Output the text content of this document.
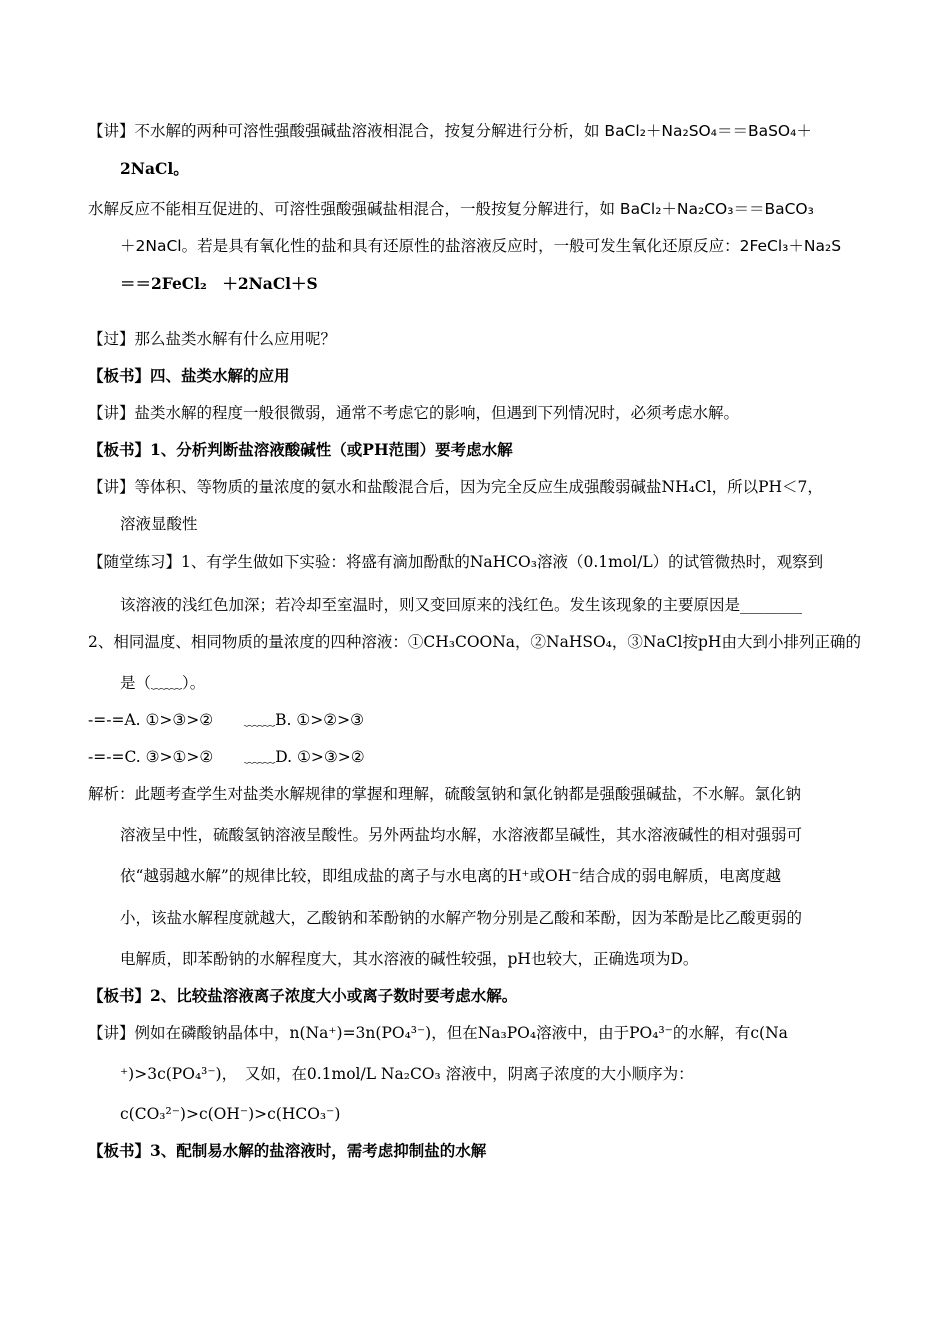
【讲】不水解的两种可溶性强酸强碱盐溶液相混合，按复分解进行分析，如 BaCl₂＋Na₂SO₄＝＝BaSO₄＋
2NaCl。
水解反应不能相互促进的、可溶性强酸强碱盐相混合，一般按复分解进行，如 BaCl₂＋Na₂CO₃＝＝BaCO₃
＋2NaCl。若是具有氧化性的盐和具有还原性的盐溶液反应时，一般可发生氧化还原反应：2FeCl₃＋Na₂S
＝＝2FeCl₂　＋2NaCl＋S
【过】那么盐类水解有什么应用呢？
【板书】四、盐类水解的应用
【讲】盐类水解的程度一般很微弱，通常不考虑它的影响，但遇到下列情况时，必须考虑水解。
【板书】1、分析判断盐溶液酸碱性（或PH范围）要考虑水解
【讲】等体积、等物质的量浓度的氨水和盐酸混合后，因为完全反应生成强酸弱碱盐NH₄Cl，所以PH＜7，
溶液显酸性
【随堂练习】1、有学生做如下实验：将盛有滴加酚酞的NaHCO₃溶液（0.1mol/L）的试管微热时，观察到
该溶液的浅红色加深；若冷却至室温时，则又变回原来的浅红色。发生该现象的主要原因是________
2、相同温度、相同物质的量浓度的四种溶液：①CH₃COONa，②NaHSO₄，③NaCl按pH由大到小排列正确的
是（﹏﹏）。
-=-=A. ①>③>②　　﹏﹏B. ①>②>③
-=-=C. ③>①>②　　﹏﹏D. ①>③>②
解析：此题考查学生对盐类水解规律的掌握和理解，硫酸氢钠和氯化钠都是强酸强碱盐，不水解。氯化钠
溶液呈中性，硫酸氢钠溶液呈酸性。另外两盐均水解，水溶液都呈碱性，其水溶液碱性的相对强弱可
依“越弱越水解”的规律比较，即组成盐的离子与水电离的H⁺或OH⁻结合成的弱电解质，电离度越
小，该盐水解程度就越大，乙酸钠和苯酚钠的水解产物分别是乙酸和苯酚，因为苯酚是比乙酸更弱的
电解质，即苯酚钠的水解程度大，其水溶液的碱性较强，pH也较大，正确选项为D。
【板书】2、比较盐溶液离子浓度大小或离子数时要考虑水解。
【讲】例如在磷酸钠晶体中，n(Na⁺)=3n(PO₄³⁻)，但在Na₃PO₄溶液中，由于PO₄³⁻的水解，有c(Na
⁺)>3c(PO₄³⁻)，　又如，在0.1mol/L Na₂CO₃ 溶液中，阴离子浓度的大小顺序为：
c(CO₃²⁻)>c(OH⁻)>c(HCO₃⁻)
【板书】3、配制易水解的盐溶液时，需考虑抑制盐的水解
